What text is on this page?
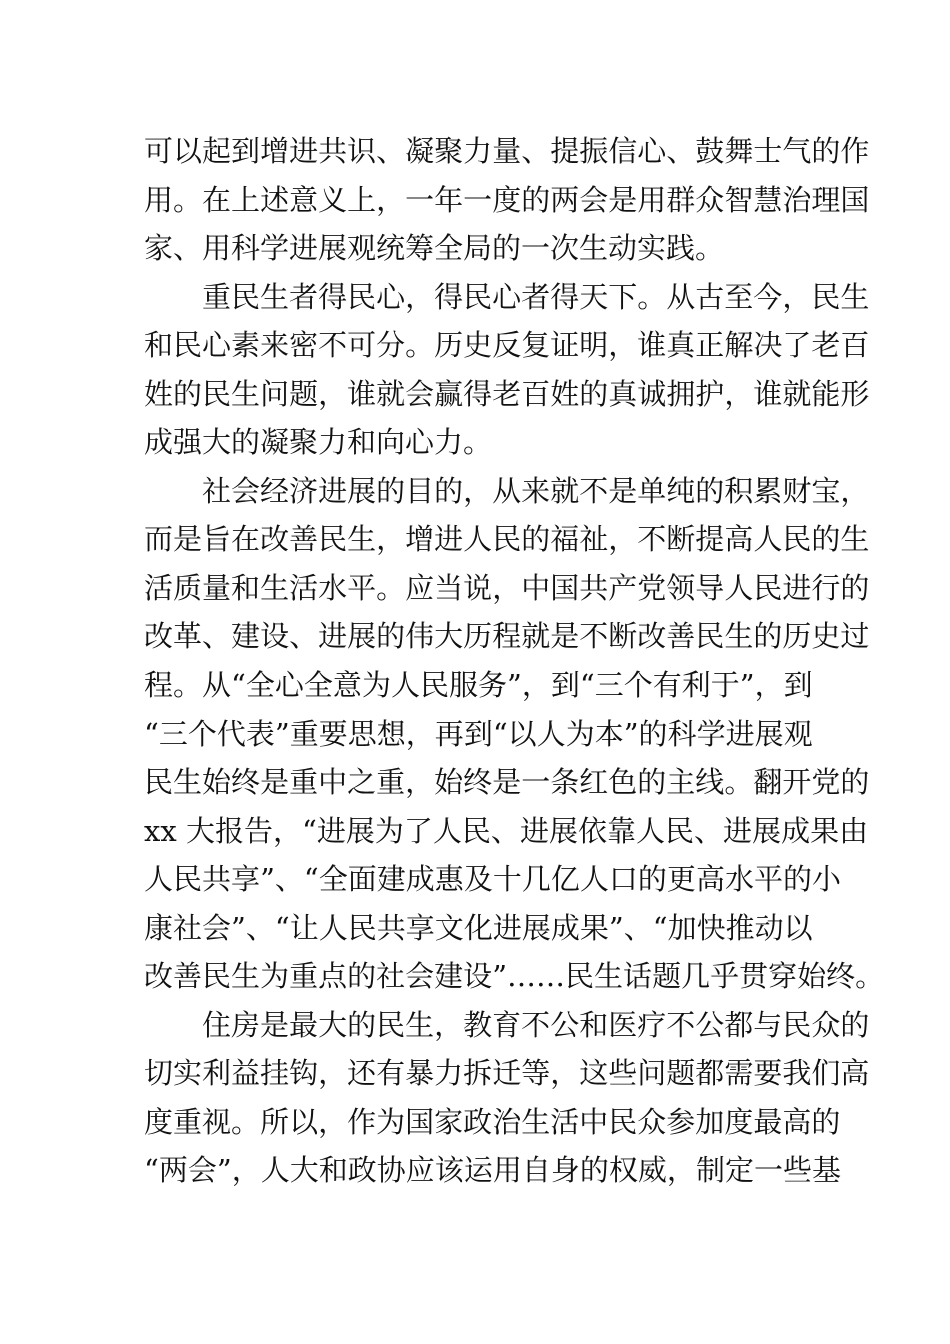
可 以 起 到 增 进 共 识 、 凝 聚 力 量 、 提 振 信 心 、 鼓 舞 士 气 的 作
用 。 在 上 述 意 义 上 ， 一 年 一 度 的 两 会 是 用 群 众 智 慧 治 理 国
家、用科学进展观统筹全局的一次生动实践。
重 民 生 者 得 民 心 ， 得 民 心 者 得 天 下 。 从 古 至 今 ， 民 生
和 民 心 素 来 密 不 可 分 。 历 史 反 复 证 明 ， 谁 真 正 解 决 了 老 百
姓 的 民 生 问 题 ， 谁 就 会 赢 得 老 百 姓 的 真 诚 拥 护 ， 谁 就 能 形
成强大的凝聚力和向心力。
社 会 经 济 进 展 的 目 的 ， 从 来 就 不 是 单 纯 的 积 累 财 宝 ，
而 是 旨 在 改 善 民 生 ， 增 进 人 民 的 福 祉 ， 不 断 提 高 人 民 的 生
活 质 量 和 生 活 水 平 。 应 当 说 ， 中 国 共 产 党 领 导 人 民 进 行 的
改 革 、 建 设 、 进 展 的 伟 大 历 程 就 是 不 断 改 善 民 生 的 历 史 过
程 。 从 “ 全 心 全 意 为 人 民 服 务 ” ， 到 “ 三 个 有 利 于 ” ， 到
“ 三 个 代 表 ” 重 要 思 想 ， 再 到 “ 以 人 为 本 ” 的 科 学 进 展 观
民 生 始 终 是 重 中 之 重 ， 始 终 是 一 条 红 色 的 主 线 。 翻 开 党 的
xx
大 报 告 ， “ 进 展 为 了 人 民 、 进 展 依 靠 人 民 、 进 展 成 果 由
人 民 共 享 ” 、 “ 全 面 建 成 惠 及 十 几 亿 人 口 的 更 高 水 平 的 小
康 社 会 ” 、 “ 让 人 民 共 享 文 化 进 展 成 果 ” 、 “ 加 快 推 动 以
改 善 民 生 为 重 点 的 社 会 建 设 ” … … 民 生 话 题 几 乎 贯 穿 始 终 。
住 房 是 最 大 的 民 生 ， 教 育 不 公 和 医 疗 不 公 都 与 民 众 的
切 实 利 益 挂 钩 ， 还 有 暴 力 拆 迁 等 ， 这 些 问 题 都 需 要 我 们 高
度 重 视 。 所 以 ， 作 为 国 家 政 治 生 活 中 民 众 参 加 度 最 高 的
“ 两 会 ” ， 人 大 和 政 协 应 该 运 用 自 身 的 权 威 ， 制 定 一 些 基
